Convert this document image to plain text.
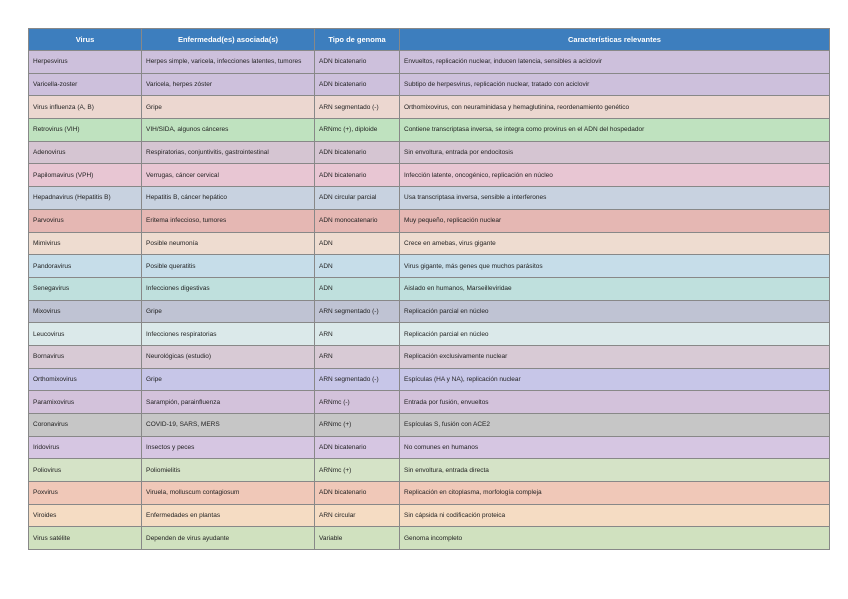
Virus	Enfermedad(es) asociada(s)	Tipo de genoma	Características relevantes
Herpesvirus	Herpes simple, varicela, infecciones latentes, tumores	ADN bicatenario	Envueltos, replicación nuclear, inducen latencia, sensibles a aciclovir
Varicella-zoster	Varicela, herpes zóster	ADN bicatenario	Subtipo de herpesvirus, replicación nuclear, tratado con aciclovir
Virus influenza (A, B)	Gripe	ARN segmentado (-)	Orthomixovirus, con neuraminidasa y hemaglutinina, reordenamiento genético
Retrovirus (VIH)	VIH/SIDA, algunos cánceres	ARNmc (+), diploide	Contiene transcriptasa inversa, se integra como provirus en el ADN del hospedador
Adenovirus	Respiratorias, conjuntivitis, gastrointestinal	ADN bicatenario	Sin envoltura, entrada por endocitosis
Papilomavirus (VPH)	Verrugas, cáncer cervical	ADN bicatenario	Infección latente, oncogénico, replicación en núcleo
Hepadnavirus (Hepatitis B)	Hepatitis B, cáncer hepático	ADN circular parcial	Usa transcriptasa inversa, sensible a interferones
Parvovirus	Eritema infeccioso, tumores	ADN monocatenario	Muy pequeño, replicación nuclear
Mimivirus	Posible neumonía	ADN	Crece en amebas, virus gigante
Pandoravirus	Posible queratitis	ADN	Virus gigante, más genes que muchos parásitos
Senegavirus	Infecciones digestivas	ADN	Aislado en humanos, Marseilleviridae
Mixovirus	Gripe	ARN segmentado (-)	Replicación parcial en núcleo
Leucovirus	Infecciones respiratorias	ARN	Replicación parcial en núcleo
Bornavirus	Neurológicas (estudio)	ARN	Replicación exclusivamente nuclear
Orthomixovirus	Gripe	ARN segmentado (-)	Espículas (HA y NA), replicación nuclear
Paramixovirus	Sarampión, parainfluenza	ARNmc (-)	Entrada por fusión, envueltos
Coronavirus	COVID-19, SARS, MERS	ARNmc (+)	Espículas S, fusión con ACE2
Iridovirus	Insectos y peces	ADN bicatenario	No comunes en humanos
Poliovirus	Poliomielitis	ARNmc (+)	Sin envoltura, entrada directa
Poxvirus	Viruela, molluscum contagiosum	ADN bicatenario	Replicación en citoplasma, morfología compleja
Viroides	Enfermedades en plantas	ARN circular	Sin cápsida ni codificación proteica
Virus satélite	Dependen de virus ayudante	Variable	Genoma incompleto
